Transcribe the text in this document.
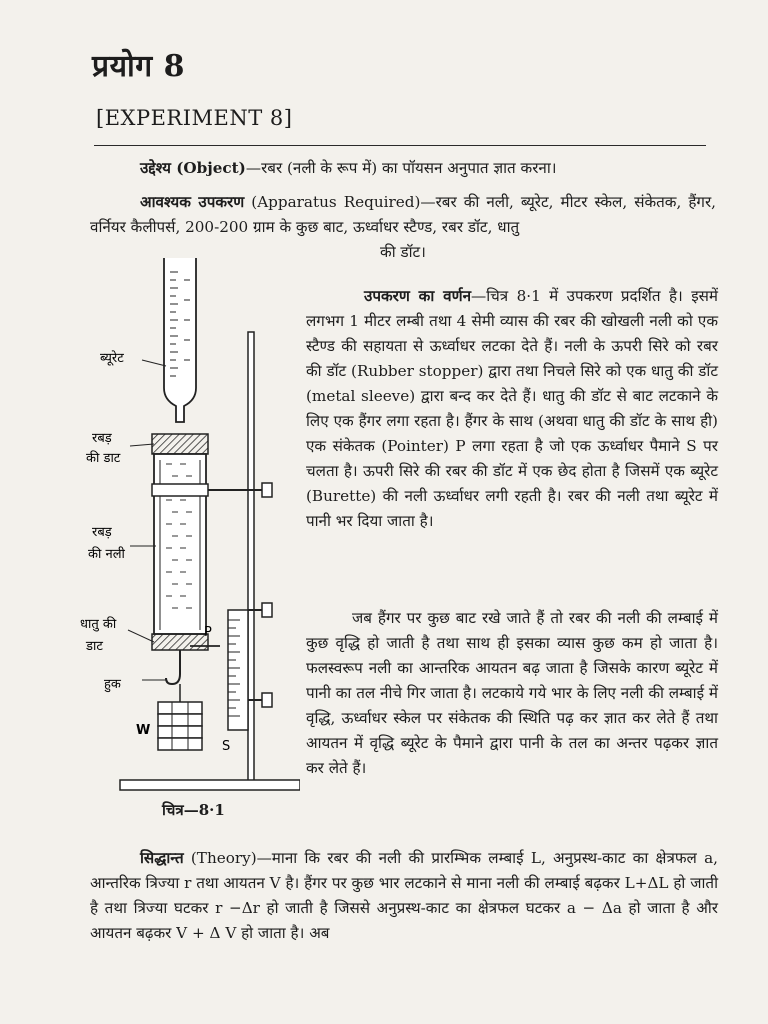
प्रयोग 8
[EXPERIMENT 8]

उद्देश्य (Object)—रबर (नली के रूप में) का पॉयसन अनुपात ज्ञात करना।

आवश्यक उपकरण (Apparatus Required)—रबर की नली, ब्यूरेट, मीटर स्केल, संकेतक, हैंगर, वर्नियर कैलीपर्स, 200-200 ग्राम के कुछ बाट, ऊर्ध्वाधर स्टैण्ड, रबर डॉट, धातु

की डॉट।

उपकरण का वर्णन—चित्र 8·1 में उपकरण प्रदर्शित है। इसमें लगभग 1 मीटर लम्बी तथा 4 सेमी व्यास की रबर की खोखली नली को एक स्टैण्ड की सहायता से ऊर्ध्वाधर लटका देते हैं। नली के ऊपरी सिरे को रबर की डॉट (Rubber stopper) द्वारा तथा निचले सिरे को एक धातु की डॉट (metal sleeve) द्वारा बन्द कर देते हैं। धातु की डॉट से बाट लटकाने के लिए एक हैंगर लगा रहता है। हैंगर के साथ (अथवा धातु की डॉट के साथ ही) एक संकेतक (Pointer) P लगा रहता है जो एक ऊर्ध्वाधर पैमाने S पर चलता है। ऊपरी सिरे की रबर की डॉट में एक छेद होता है जिसमें एक ब्यूरेट (Burette) की नली ऊर्ध्वाधर लगी रहती है। रबर की नली तथा ब्यूरेट में पानी भर दिया जाता है।

जब हैंगर पर कुछ बाट रखे जाते हैं तो रबर की नली की लम्बाई में कुछ वृद्धि हो जाती है तथा साथ ही इसका व्यास कुछ कम हो जाता है। फलस्वरूप नली का आन्तरिक आयतन बढ़ जाता है जिसके कारण ब्यूरेट में पानी का तल नीचे गिर जाता है। लटकाये गये भार के लिए नली की लम्बाई में वृद्धि, ऊर्ध्वाधर स्केल पर संकेतक की स्थिति पढ़ कर ज्ञात कर लेते हैं तथा आयतन में वृद्धि ब्यूरेट के पैमाने द्वारा पानी के तल का अन्तर पढ़कर ज्ञात कर लेते हैं।

ब्यूरेट
रबड़
की डाट
रबड़
की नली
धातु की
डाट
हुक
P
S
W
चित्र—8·1

सिद्धान्त (Theory)—माना कि रबर की नली की प्रारम्भिक लम्बाई L, अनुप्रस्थ-काट का क्षेत्रफल a, आन्तरिक त्रिज्या r तथा आयतन V है। हैंगर पर कुछ भार लटकाने से माना नली की लम्बाई बढ़कर L+ΔL हो जाती है तथा त्रिज्या घटकर r −Δr हो जाती है जिससे अनुप्रस्थ-काट का क्षेत्रफल घटकर a − Δa हो जाता है और आयतन बढ़कर V + Δ V हो जाता है। अब
